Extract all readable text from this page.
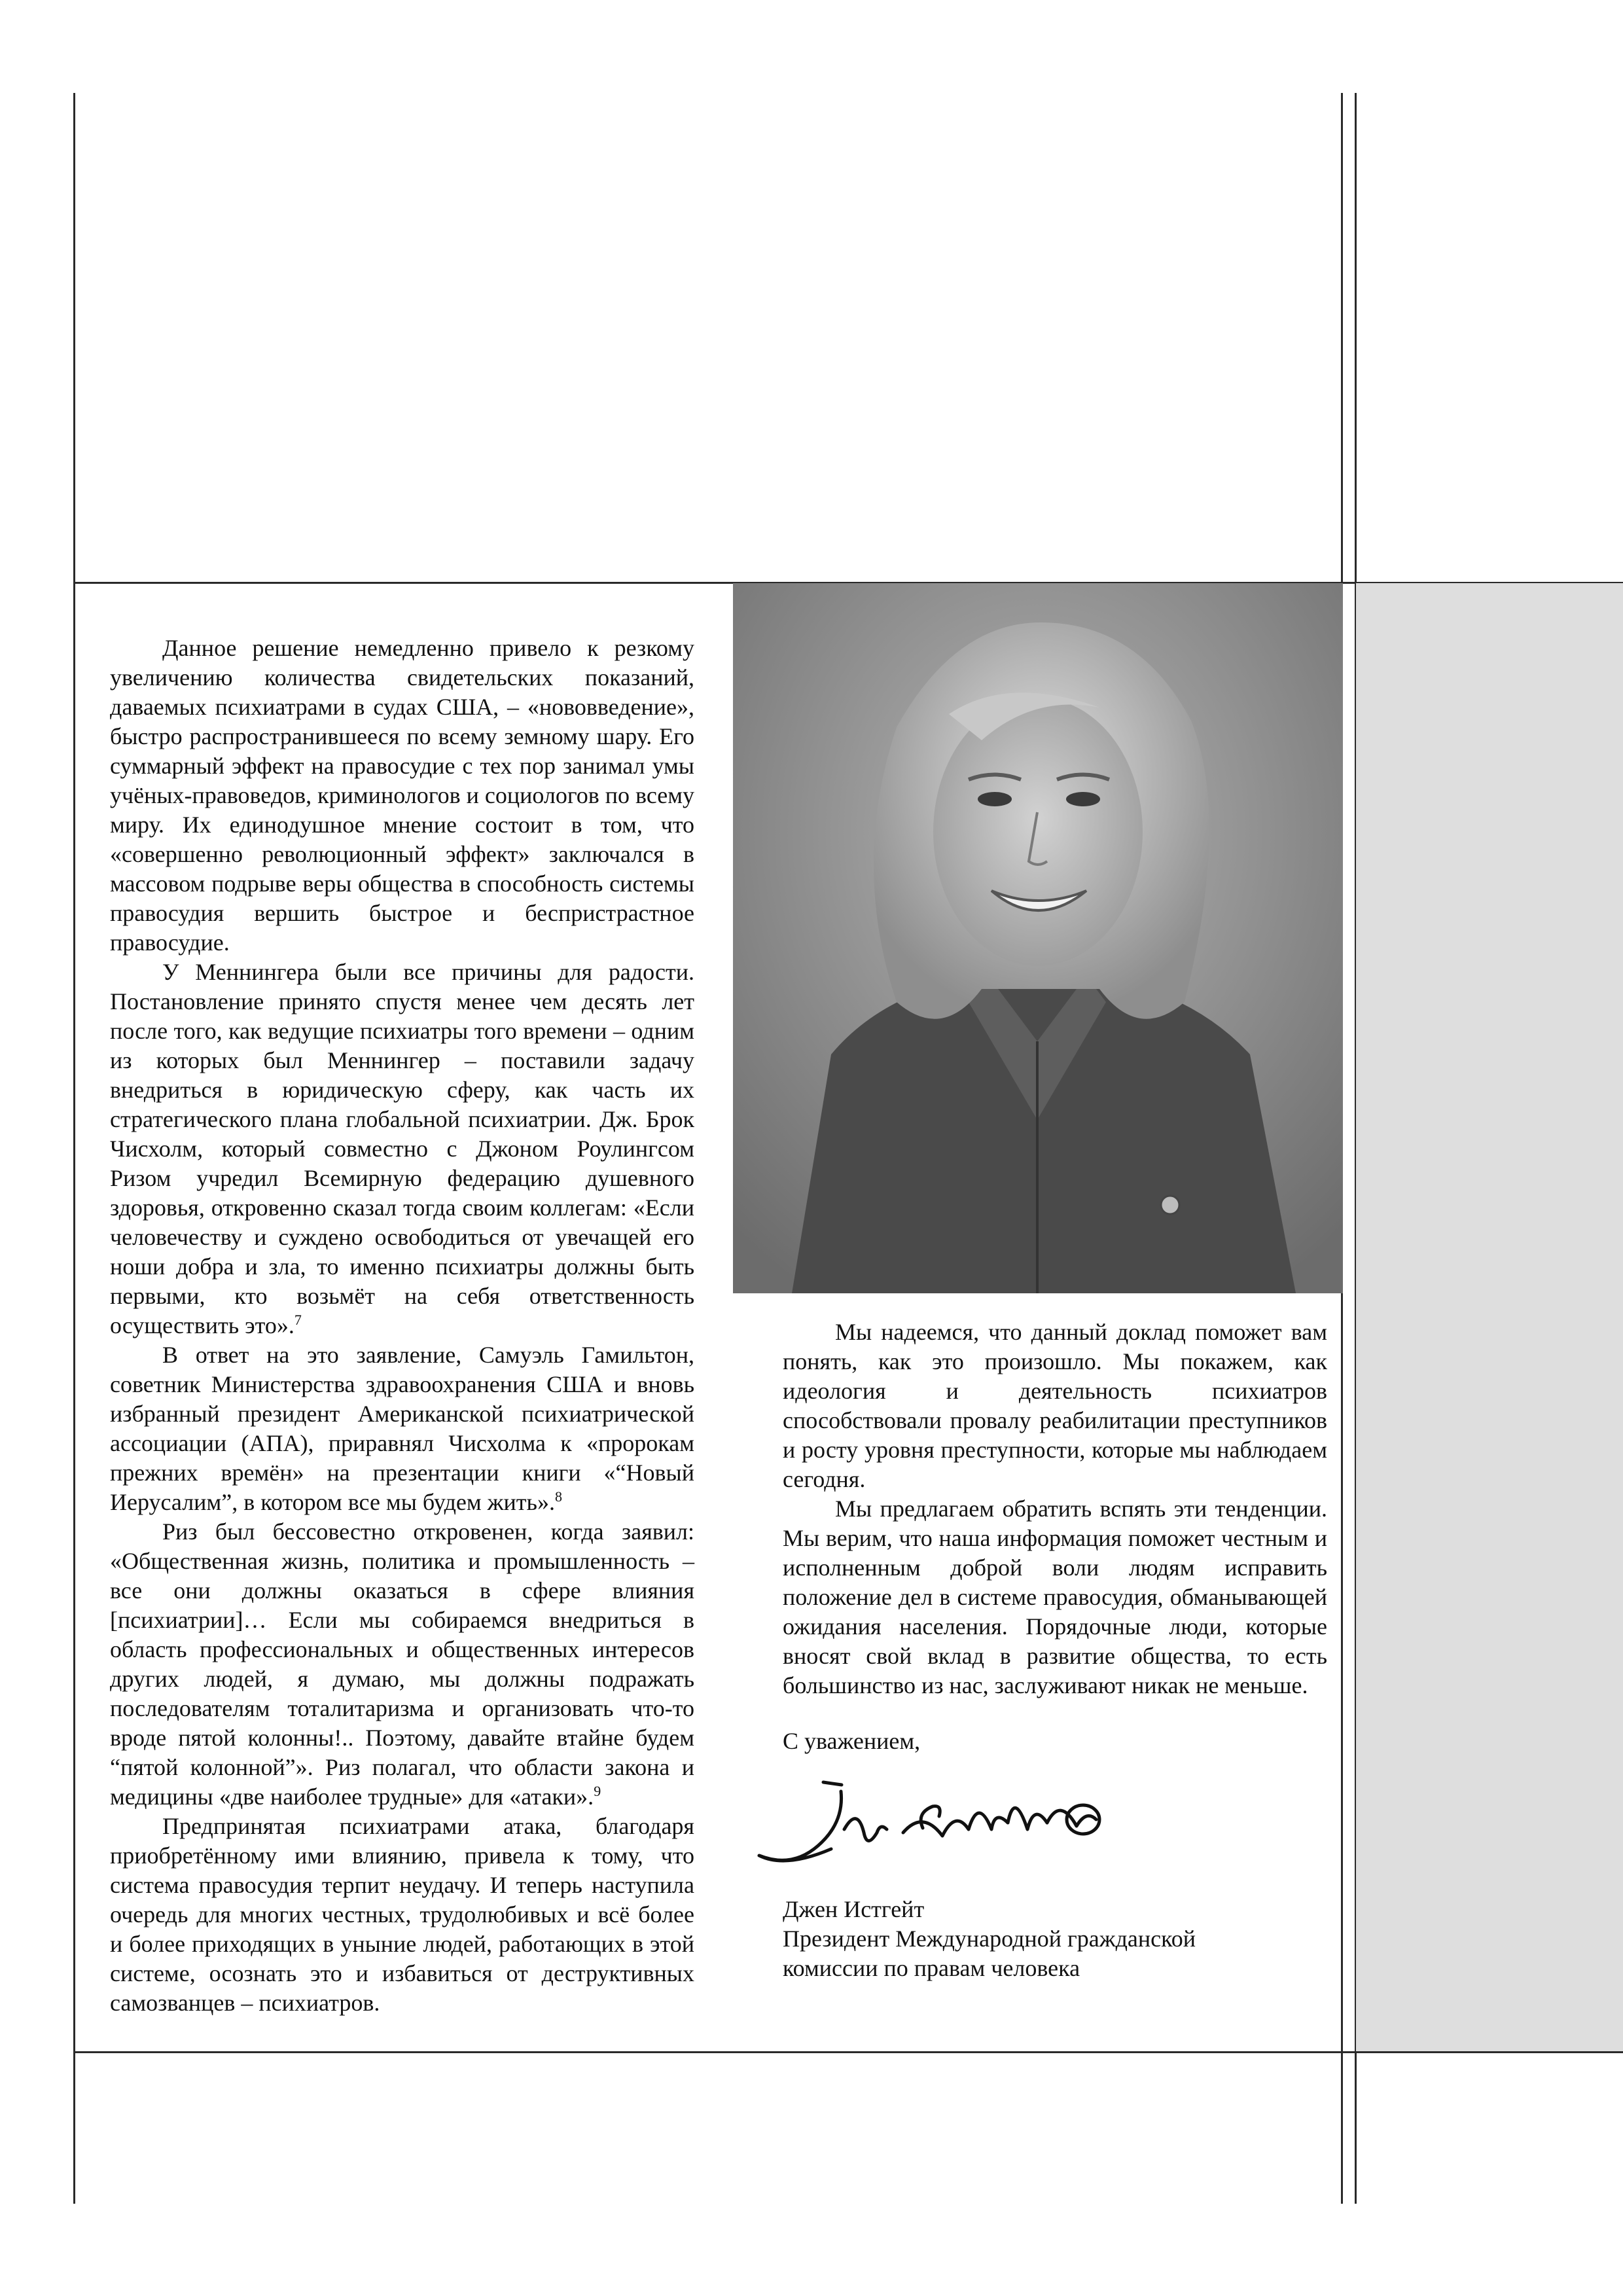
Данное решение немедленно привело к резкому увеличению количества свидетельских показаний, даваемых психиатрами в судах США, – «нововведение», быстро распространившееся по всему земному шару. Его суммарный эффект на правосудие с тех пор занимал умы учёных-правоведов, криминологов и социологов по всему миру. Их единодушное мнение состоит в том, что «совершенно революционный эффект» заключался в массовом подрыве веры общества в способность системы правосудия вершить быстрое и беспристрастное правосудие.

У Меннингера были все причины для радости. Постановление принято спустя менее чем десять лет после того, как ведущие психиатры того времени – одним из которых был Меннингер – поставили задачу внедриться в юридическую сферу, как часть их стратегического плана глобальной психиатрии. Дж. Брок Чисхолм, который совместно с Джоном Роулингсом Ризом учредил Всемирную федерацию душевного здоровья, откровенно сказал тогда своим коллегам: «Если человечеству и суждено освободиться от увечащей его ноши добра и зла, то именно психиатры должны быть первыми, кто возьмёт на себя ответственность осуществить это».$^7$

В ответ на это заявление, Самуэль Гамильтон, советник Министерства здравоохранения США и вновь избранный президент Американской психиатрической ассоциации (АПА), приравнял Чисхолма к «пророкам прежних времён» на презентации книги «“Новый Иерусалим”, в котором все мы будем жить».$^8$

Риз был бессовестно откровенен, когда заявил: «Общественная жизнь, политика и промышленность – все они должны оказаться в сфере влияния [психиатрии]… Если мы собираемся внедриться в область профессиональных и общественных интересов других людей, я думаю, мы должны подражать последователям тоталитаризма и организовать что-то вроде пятой колонны!.. Поэтому, давайте втайне будем “пятой колонной”». Риз полагал, что области закона и медицины «две наиболее трудные» для «атаки».$^9$

Предпринятая психиатрами атака, благодаря приобретённому ими влиянию, привела к тому, что система правосудия терпит неудачу. И теперь наступила очередь для многих честных, трудолюбивых и всё более и более приходящих в уныние людей, работающих в этой системе, осознать это и избавиться от деструктивных самозванцев – психиатров.

Мы надеемся, что данный доклад поможет вам понять, как это произошло. Мы покажем, как идеология и деятельность психиатров способствовали провалу реабилитации преступников и росту уровня преступности, которые мы наблюдаем сегодня.

Мы предлагаем обратить вспять эти тенденции. Мы верим, что наша информация поможет честным и исполненным доброй воли людям исправить положение дел в системе правосудия, обманывающей ожидания населения. Порядочные люди, которые вносят свой вклад в развитие общества, то есть большинство из нас, заслуживают никак не меньше.

С уважением,
Джен Истгейт
Президент Международной гражданской
комиссии по правам человека
